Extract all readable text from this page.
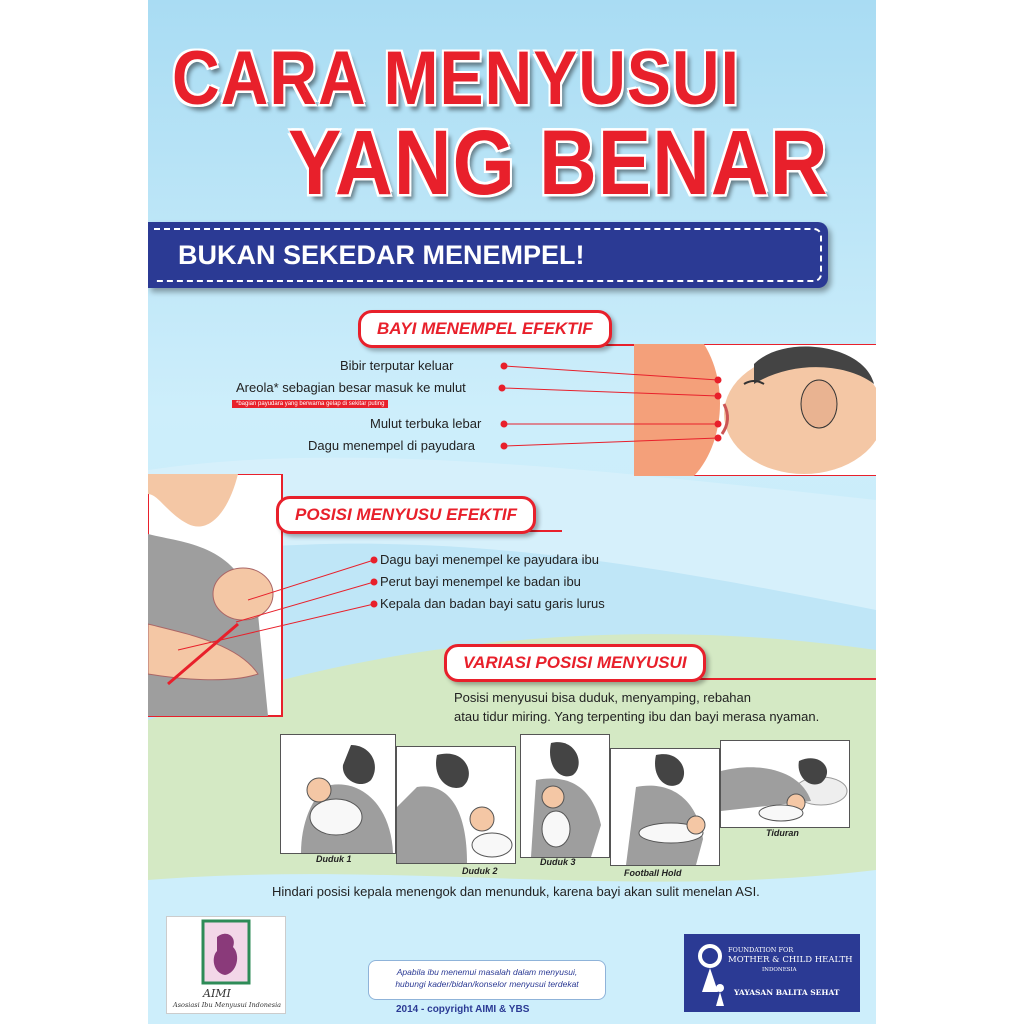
CARA MENYUSUI
YANG BENAR
BUKAN SEKEDAR MENEMPEL!
BAYI MENEMPEL EFEKTIF
Bibir terputar keluar
Areola* sebagian besar masuk ke mulut
*bagian payudara yang berwarna gelap di sekitar puting
Mulut terbuka lebar
Dagu menempel di payudara
POSISI MENYUSU EFEKTIF
Dagu bayi menempel ke payudara ibu
Perut bayi menempel ke badan ibu
Kepala dan badan bayi satu garis lurus
VARIASI POSISI MENYUSUI
Posisi menyusui bisa duduk, menyamping, rebahan
atau tidur miring. Yang terpenting ibu dan bayi merasa nyaman.
Duduk 1
Duduk 2
Duduk 3
Football Hold
Tiduran
Hindari posisi kepala menengok dan menunduk, karena bayi akan sulit menelan ASI.
AIMI
Asosiasi Ibu Menyusui Indonesia
Apabila ibu menemui masalah dalam menyusui,
hubungi kader/bidan/konselor menyusui terdekat
2014 - copyright AIMI & YBS
FOUNDATION FOR
MOTHER & CHILD HEALTH
INDONESIA
YAYASAN BALITA SEHAT
